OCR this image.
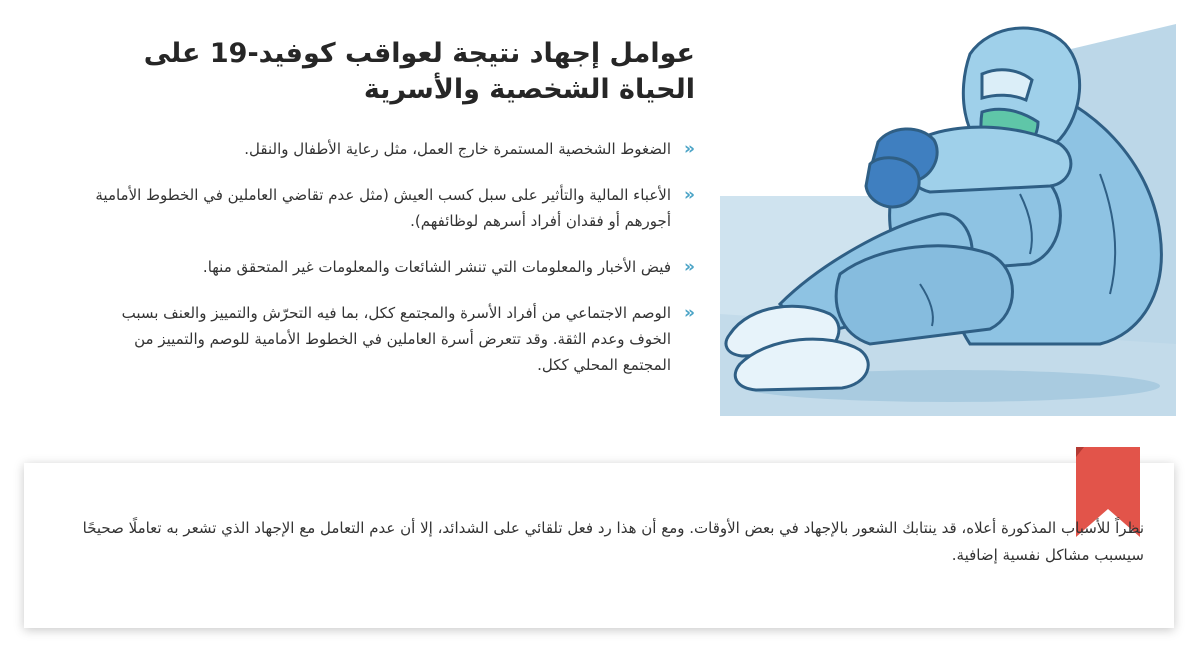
عوامل إجهاد نتيجة لعواقب كوفيد-19 على الحياة الشخصية والأسرية
«
الضغوط الشخصية المستمرة خارج العمل، مثل رعاية الأطفال والنقل.
«
الأعباء المالية والتأثير على سبل كسب العيش (مثل عدم تقاضي العاملين في الخطوط الأمامية أجورهم أو فقدان أفراد أسرهم لوظائفهم).
«
فيض الأخبار والمعلومات التي تنشر الشائعات والمعلومات غير المتحقق منها.
«
الوصم الاجتماعي من أفراد الأسرة والمجتمع ككل، بما فيه التحرّش والتمييز والعنف بسبب الخوف وعدم الثقة. وقد تتعرض أسرة العاملين في الخطوط الأمامية للوصم والتمييز من المجتمع المحلي ككل.

نظراً للأسباب المذكورة أعلاه، قد ينتابك الشعور بالإجهاد في بعض الأوقات. ومع أن هذا رد فعل تلقائي على الشدائد، إلا أن عدم التعامل مع الإجهاد الذي تشعر به تعاملًا صحيحًا سيسبب مشاكل نفسية إضافية.
